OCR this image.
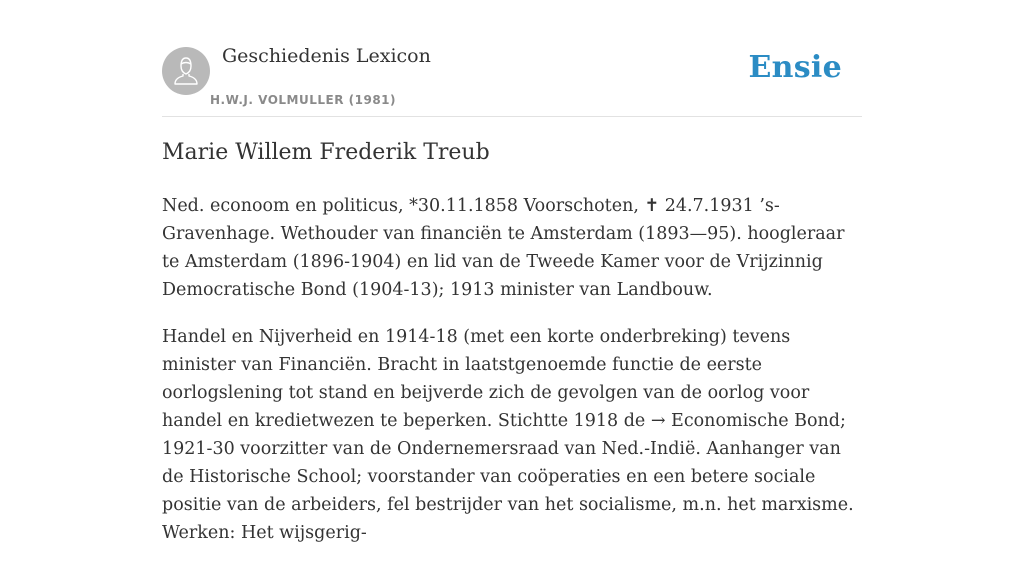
Geschiedenis Lexicon
H.W.J. VOLMULLER (1981)
Ensie
Marie Willem Frederik Treub

Ned. econoom en politicus, *30.11.1858 Voorschoten, ✝ 24.7.1931 ’s-Gravenhage. Wethouder van financiën te Amsterdam (1893—95). hoogleraar te Amsterdam (1896-1904) en lid van de Tweede Kamer voor de Vrijzinnig Democratische Bond (1904-13); 1913 minister van Landbouw.

Handel en Nijverheid en 1914-18 (met een korte onderbreking) tevens minister van Financiën. Bracht in laatstgenoemde functie de eerste oorlogslening tot stand en beijverde zich de gevolgen van de oorlog voor handel en kredietwezen te beperken. Stichtte 1918 de → Economische Bond; 1921-30 voorzitter van de Ondernemersraad van Ned.-Indië. Aanhanger van de Historische School; voorstander van coöperaties en een betere sociale positie van de arbeiders, fel bestrijder van het socialisme, m.n. het marxisme. Werken: Het wijsgerig-
